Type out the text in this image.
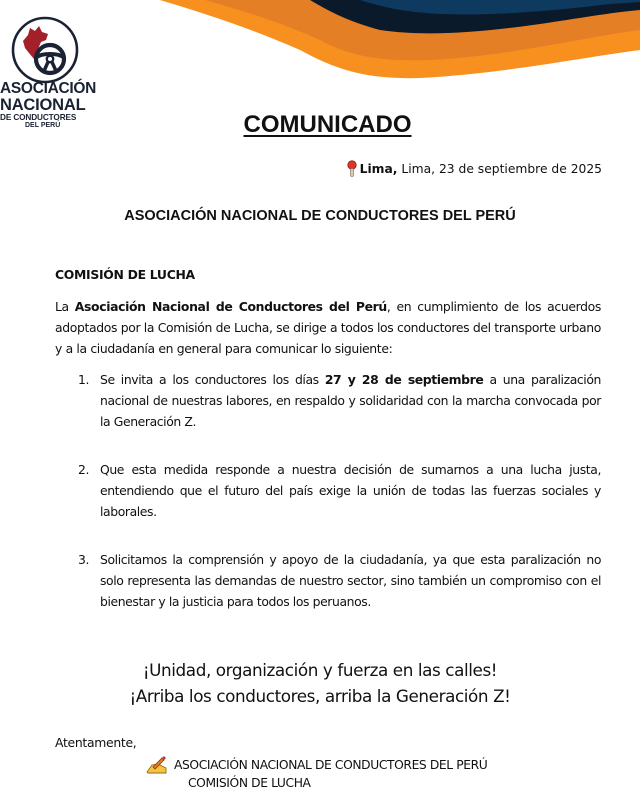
ASOCIACIÓN
NACIONAL
DE CONDUCTORES
DEL PERÚ	COMUNICADO
Lima, Lima, 23 de septiembre de 2025
ASOCIACIÓN NACIONAL DE CONDUCTORES DEL PERÚ
COMISIÓN DE LUCHA
La Asociación Nacional de Conductores del Perú, en cumplimiento de los acuerdos adoptados por la Comisión de Lucha, se dirige a todos los conductores del transporte urbano y a la ciudadanía en general para comunicar lo siguiente:
1. Se invita a los conductores los días 27 y 28 de septiembre a una paralización nacional de nuestras labores, en respaldo y solidaridad con la marcha convocada por la Generación Z.
2. Que esta medida responde a nuestra decisión de sumarnos a una lucha justa, entendiendo que el futuro del país exige la unión de todas las fuerzas sociales y laborales.
3. Solicitamos la comprensión y apoyo de la ciudadanía, ya que esta paralización no solo representa las demandas de nuestro sector, sino también un compromiso con el bienestar y la justicia para todos los peruanos.
¡Unidad, organización y fuerza en las calles!
¡Arriba los conductores, arriba la Generación Z!
Atentamente,
ASOCIACIÓN NACIONAL DE CONDUCTORES DEL PERÚ
COMISIÓN DE LUCHA
